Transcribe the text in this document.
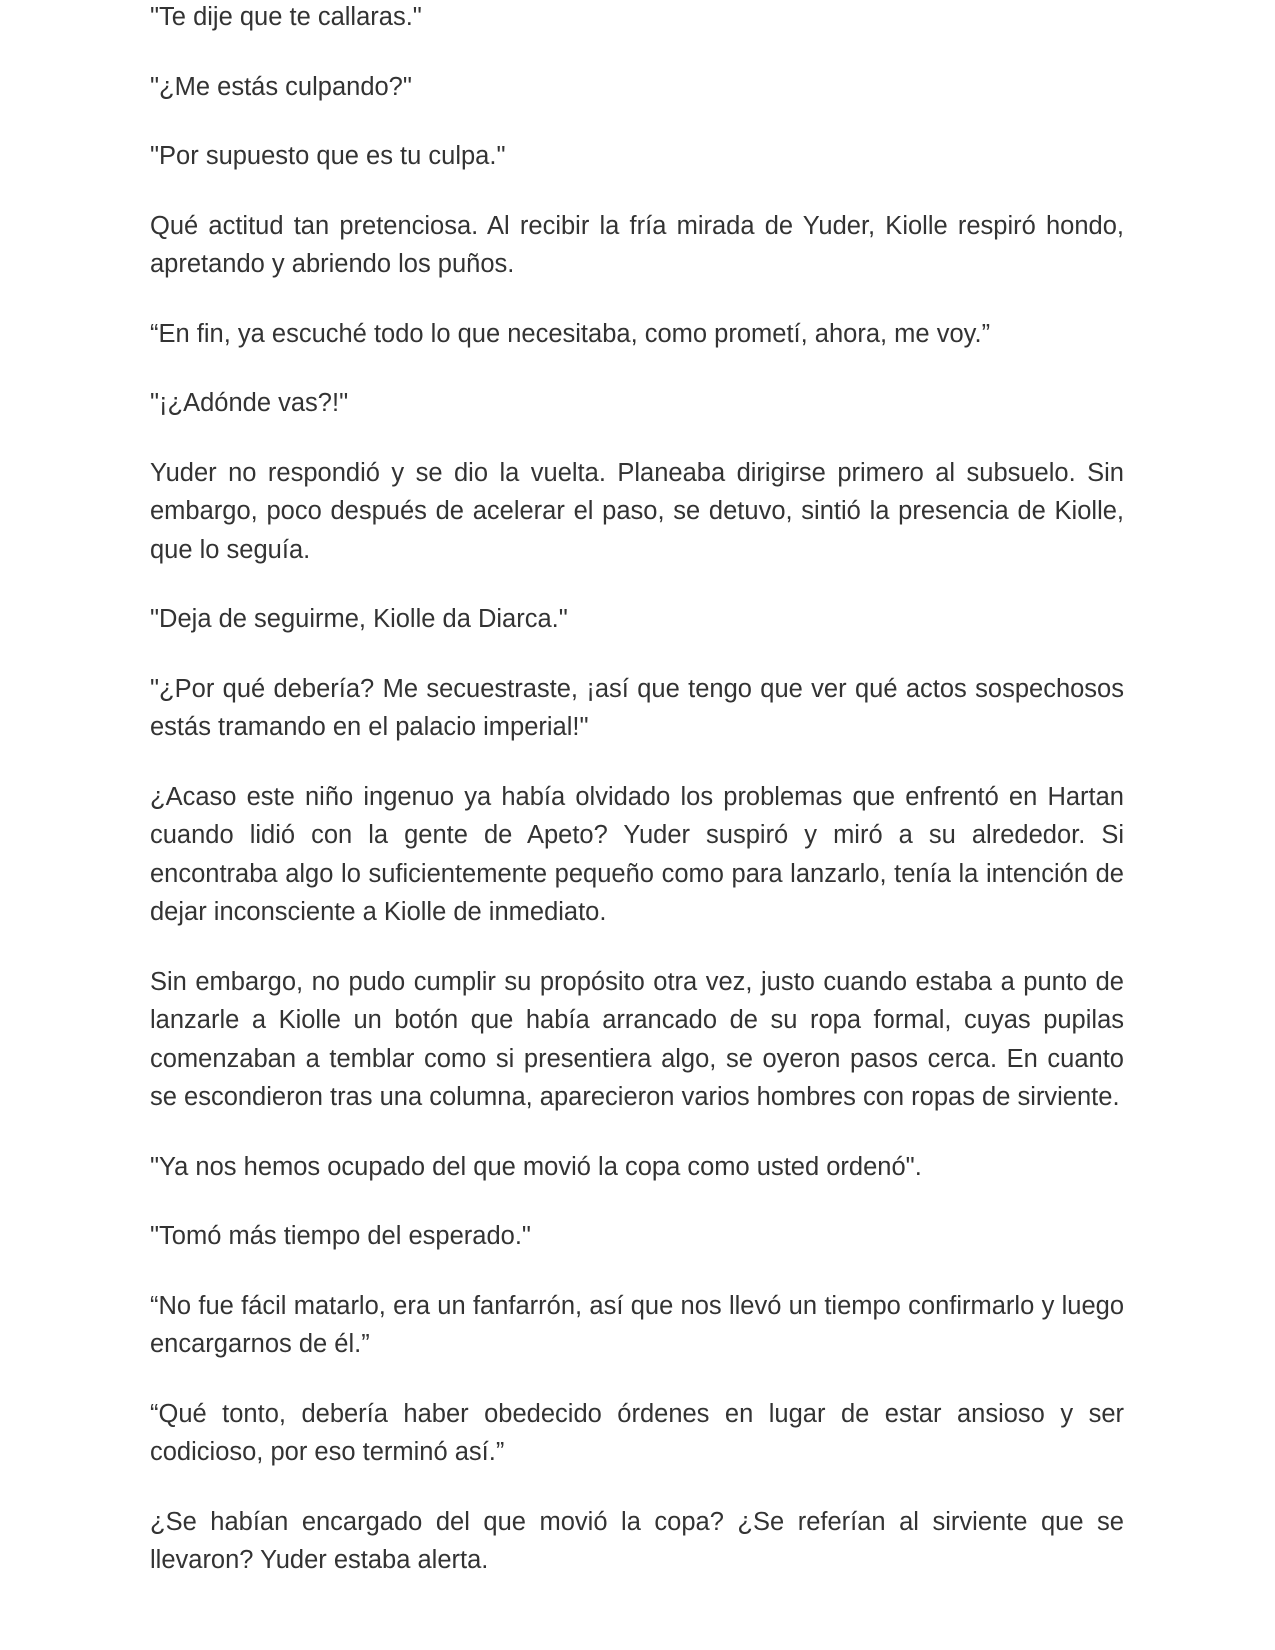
"Te dije que te callaras."

"¿Me estás culpando?"

"Por supuesto que es tu culpa."

Qué actitud tan pretenciosa. Al recibir la fría mirada de Yuder, Kiolle respiró hondo, apretando y abriendo los puños.

“En fin, ya escuché todo lo que necesitaba, como prometí, ahora, me voy.”

"¡¿Adónde vas?!"

Yuder no respondió y se dio la vuelta. Planeaba dirigirse primero al subsuelo. Sin embargo, poco después de acelerar el paso, se detuvo, sintió la presencia de Kiolle, que lo seguía.

"Deja de seguirme, Kiolle da Diarca."

"¿Por qué debería? Me secuestraste, ¡así que tengo que ver qué actos sospechosos estás tramando en el palacio imperial!"

¿Acaso este niño ingenuo ya había olvidado los problemas que enfrentó en Hartan cuando lidió con la gente de Apeto? Yuder suspiró y miró a su alrededor. Si encontraba algo lo suficientemente pequeño como para lanzarlo, tenía la intención de dejar inconsciente a Kiolle de inmediato.

Sin embargo, no pudo cumplir su propósito otra vez, justo cuando estaba a punto de lanzarle a Kiolle un botón que había arrancado de su ropa formal, cuyas pupilas comenzaban a temblar como si presentiera algo, se oyeron pasos cerca. En cuanto se escondieron tras una columna, aparecieron varios hombres con ropas de sirviente.

"Ya nos hemos ocupado del que movió la copa como usted ordenó".

"Tomó más tiempo del esperado."

“No fue fácil matarlo, era un fanfarrón, así que nos llevó un tiempo confirmarlo y luego encargarnos de él.”

“Qué tonto, debería haber obedecido órdenes en lugar de estar ansioso y ser codicioso, por eso terminó así.”

¿Se habían encargado del que movió la copa? ¿Se referían al sirviente que se llevaron? Yuder estaba alerta.
